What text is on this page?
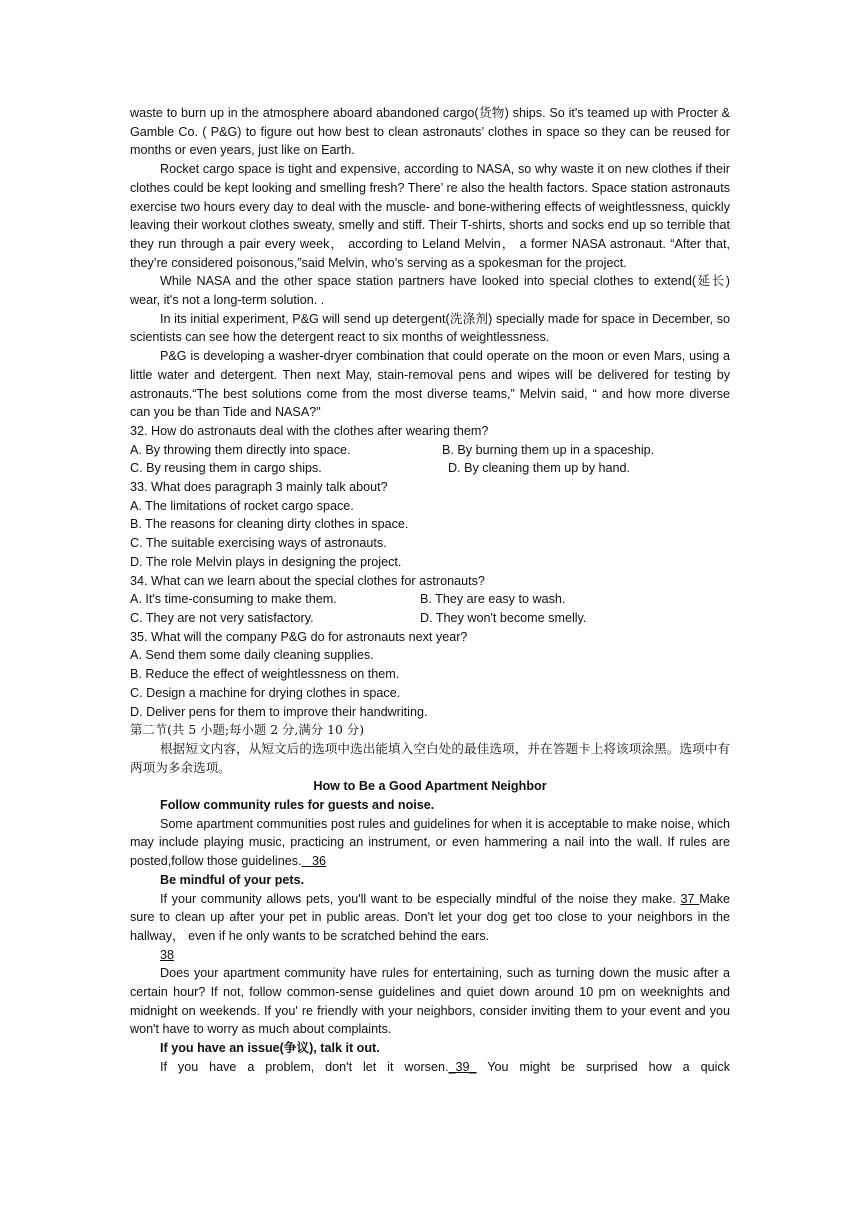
waste to burn up in the atmosphere aboard abandoned cargo(货物) ships. So it's teamed up with Procter & Gamble Co. ( P&G) to figure out how best to clean astronauts’ clothes in space so they can be reused for months or even years, just like on Earth.

Rocket cargo space is tight and expensive, according to NASA, so why waste it on new clothes if their clothes could be kept looking and smelling fresh? There’ re also the health factors. Space station astronauts exercise two hours every day to deal with the muscle- and bone-withering effects of weightlessness, quickly leaving their workout clothes sweaty, smelly and stiff. Their T-shirts, shorts and socks end up so terrible that they run through a pair every week， according to Leland Melvin， a former NASA astronaut. “After that, they’re considered poisonous,”said Melvin, who’s serving as a spokesman for the project.

While NASA and the other space station partners have looked into special clothes to extend(延长) wear, it's not a long-term solution. .

In its initial experiment, P&G will send up detergent(洗涤剂) specially made for space in December, so scientists can see how the detergent react to six months of weightlessness.

P&G is developing a washer-dryer combination that could operate on the moon or even Mars, using a little water and detergent. Then next May, stain-removal pens and wipes will be delivered for testing by astronauts.“The best solutions come from the most diverse teams,” Melvin said, “ and how more diverse can you be than Tide and NASA?"

32. How do astronauts deal with the clothes after wearing them?

A. By throwing them directly into space.	B. By burning them up in a spaceship.
C. By reusing them in cargo ships.	D. By cleaning them up by hand.

33. What does paragraph 3 mainly talk about?

A. The limitations of rocket cargo space.

B. The reasons for cleaning dirty clothes in space.

C. The suitable exercising ways of astronauts.

D. The role Melvin plays in designing the project.

34. What can we learn about the special clothes for astronauts?

A. It's time-consuming to make them.	B. They are easy to wash.
C. They are not very satisfactory.	D. They won't become smelly.

35. What will the company P&G do for astronauts next year?

A. Send them some daily cleaning supplies.

B. Reduce the effect of weightlessness on them.

C. Design a machine for drying clothes in space.

D. Deliver pens for them to improve their handwriting.

第二节(共 5 小题;每小题 2 分,满分 10 分)

根据短文内容，从短文后的选项中选出能填入空白处的最佳选项，并在答题卡上将该项涂黑。选项中有两项为多余选项。

How to Be a Good Apartment Neighbor

Follow community rules for guests and noise.

Some apartment communities post rules and guidelines for when it is acceptable to make noise, which may include playing music, practicing an instrument, or even hammering a nail into the wall. If rules are posted,follow those guidelines.   36

Be mindful of your pets.

If your community allows pets, you'll want to be especially mindful of the noise they make. 37 Make sure to clean up after your pet in public areas. Don't let your dog get too close to your neighbors in the hallway， even if he only wants to be scratched behind the ears.

38

Does your apartment community have rules for entertaining, such as turning down the music after a certain hour? If not, follow common-sense guidelines and quiet down around 10 pm on weeknights and midnight on weekends. If you' re friendly with your neighbors, consider inviting them to your event and you won't have to worry as much about complaints.

If you have an issue(争议), talk it out.

If you have a problem, don't let it worsen._39_ You might be surprised how a quick
